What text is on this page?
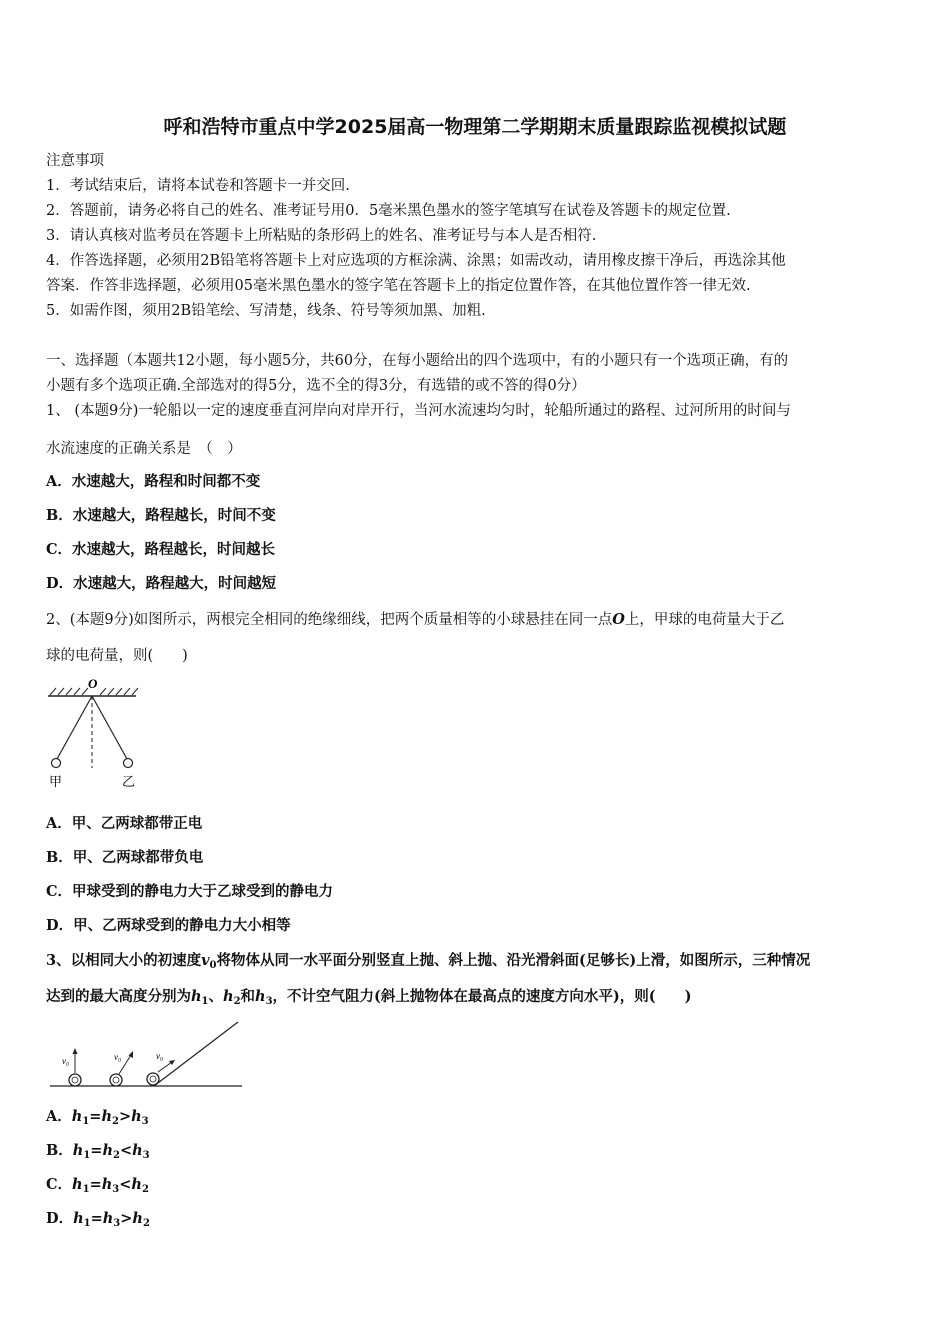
呼和浩特市重点中学2025届高一物理第二学期期末质量跟踪监视模拟试题
注意事项
1．考试结束后，请将本试卷和答题卡一并交回.
2．答题前，请务必将自己的姓名、准考证号用0．5毫米黑色墨水的签字笔填写在试卷及答题卡的规定位置.
3．请认真核对监考员在答题卡上所粘贴的条形码上的姓名、准考证号与本人是否相符.
4．作答选择题，必须用2B铅笔将答题卡上对应选项的方框涂满、涂黑；如需改动，请用橡皮擦干净后，再选涂其他
答案．作答非选择题，必须用05毫米黑色墨水的签字笔在答题卡上的指定位置作答，在其他位置作答一律无效.
5．如需作图，须用2B铅笔绘、写清楚，线条、符号等须加黑、加粗.
一、选择题（本题共12小题，每小题5分，共60分，在每小题给出的四个选项中，有的小题只有一个选项正确，有的
小题有多个选项正确.全部选对的得5分，选不全的得3分，有选错的或不答的得0分）
1、 (本题9分)一轮船以一定的速度垂直河岸向对岸开行，当河水流速均匀时，轮船所通过的路程、过河所用的时间与
水流速度的正确关系是　（　）
A．水速越大，路程和时间都不变
B．水速越大，路程越长，时间不变
C．水速越大，路程越长，时间越长
D．水速越大，路程越大，时间越短
2、(本题9分)如图所示，两根完全相同的绝缘细线，把两个质量相等的小球悬挂在同一点O上，甲球的电荷量大于乙
球的电荷量，则(　　)
O
甲	乙
A．甲、乙两球都带正电
B．甲、乙两球都带负电
C．甲球受到的静电力大于乙球受到的静电力
D．甲、乙两球受到的静电力大小相等
3、以相同大小的初速度$v_0$将物体从同一水平面分别竖直上抛、斜上抛、沿光滑斜面(足够长)上滑，如图所示，三种情况
达到的最大高度分别为$h_1$、$h_2$和$h_3$，不计空气阻力(斜上抛物体在最高点的速度方向水平)，则(　　)
v₀	v₀	v₀
A．$h_1=h_2>h_3$
B．$h_1=h_2<h_3$
C．$h_1=h_3<h_2$
D．$h_1=h_3>h_2$
